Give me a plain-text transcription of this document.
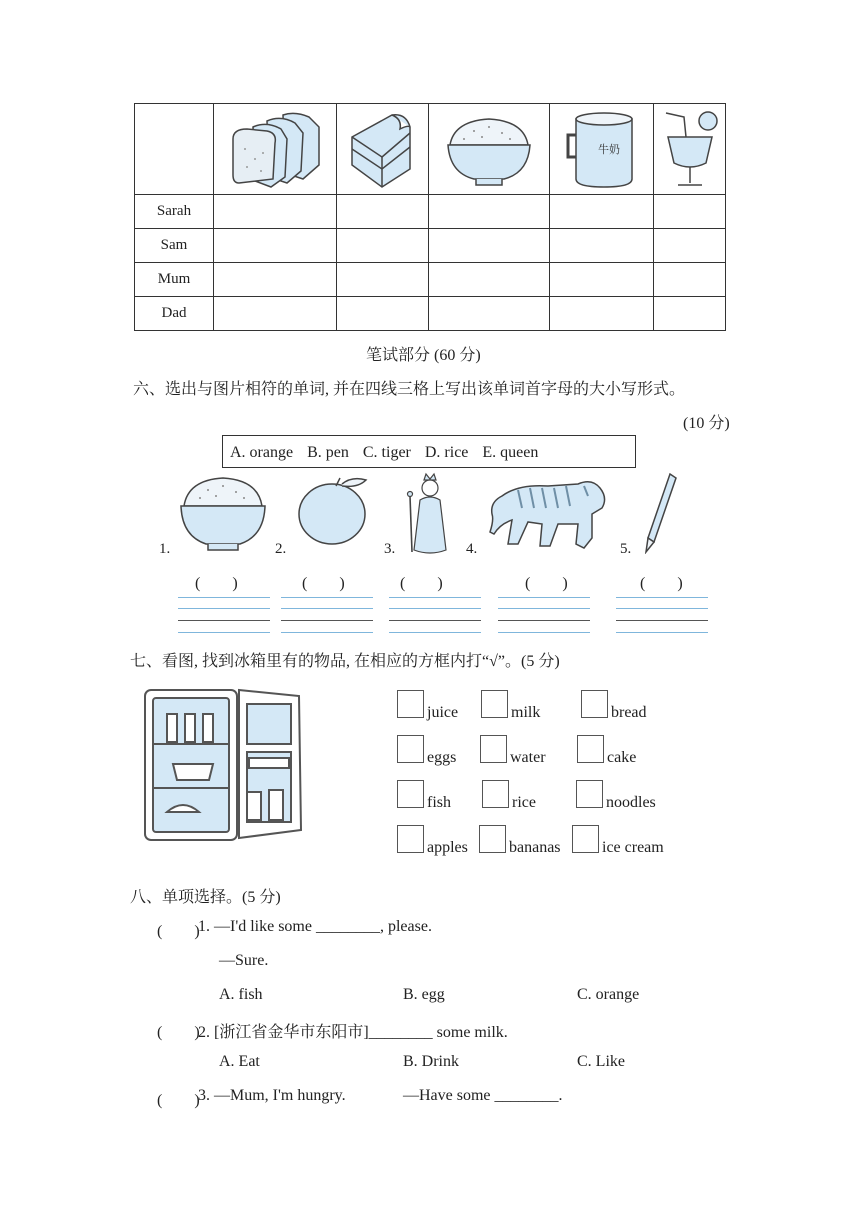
牛奶

Sarah					
Sam					
Mum					
Dad					
笔试部分 (60 分)
六、选出与图片相符的单词, 并在四线三格上写出该单词首字母的大小写形式。
(10 分)
A. orange B. pen C. tiger D. rice E. queen
1.	2.	3.	4.	5.
(　　)	(　　)	(　　)	(　　)	(　　)
七、看图, 找到冰箱里有的物品, 在相应的方框内打“√”。(5 分)
juice	milk	bread
eggs	water	cake
fish	rice	noodles
apples	bananas	ice cream
八、单项选择。(5 分)
(　　)
1. —I'd like some ________, please.
—Sure.
A. fish	B. egg	C. orange
(　　)
2. [浙江省金华市东阳市]________ some milk.
A. Eat	B. Drink	C. Like
(　　)
3. —Mum, I'm hungry.	—Have some ________.
